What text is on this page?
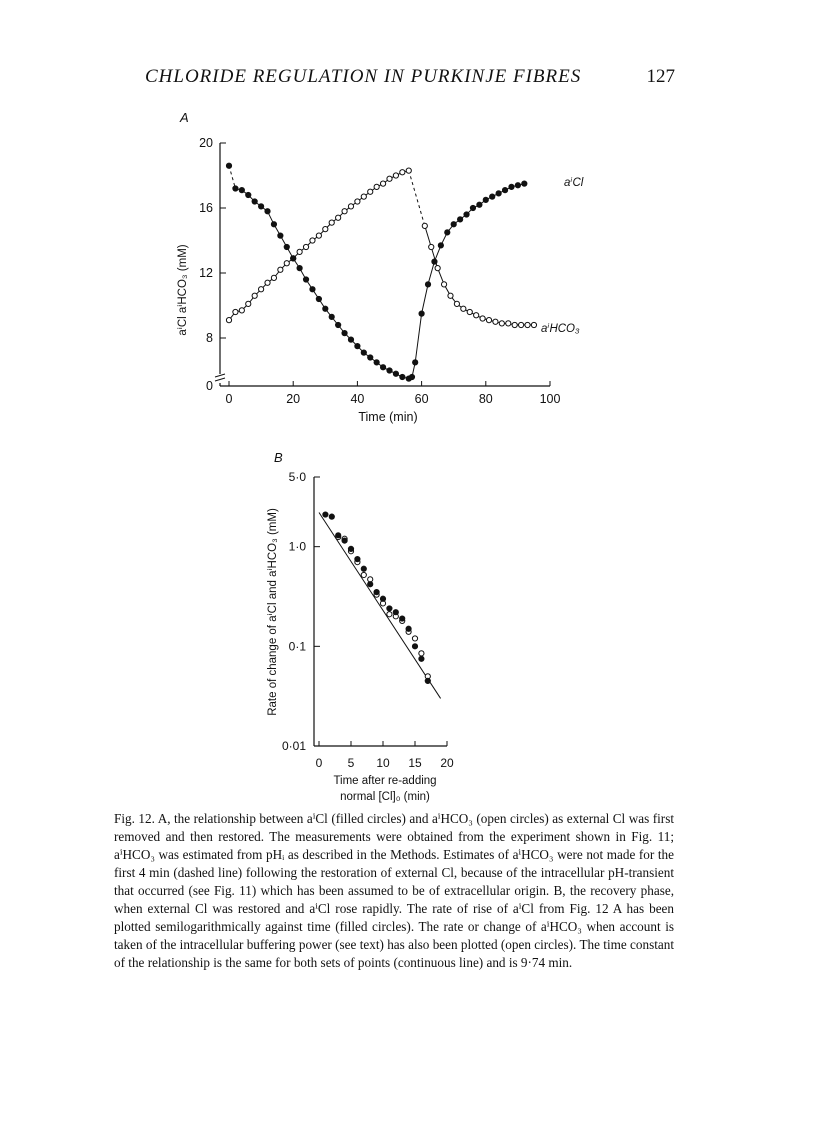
CHLORIDE REGULATION IN PURKINJE FIBRES	127
A
0	20	40	60	80	100
0
8
12
16
20
Time (min)
aⁱCl aⁱHCO₃ (mM)
aⁱCl
aⁱHCO₃
B
0 5 10 15 20
0·01
0·1
1·0
5·0
Time after re-adding
normal [Cl]₀ (min)
Rate of change of aⁱCl and aⁱHCO₃ (mM)
Fig. 12. A, the relationship between aⁱCl (filled circles) and aⁱHCO₃ (open circles) as external Cl was first removed and then restored. The measurements were obtained from the experiment shown in Fig. 11; aⁱHCO₃ was estimated from pHᵢ as described in the Methods. Estimates of aⁱHCO₃ were not made for the first 4 min (dashed line) following the restoration of external Cl, because of the intracellular pH-transient that occurred (see Fig. 11) which has been assumed to be of extracellular origin. B, the recovery phase, when external Cl was restored and aⁱCl rose rapidly. The rate of rise of aⁱCl from Fig. 12 A has been plotted semilogarithmically against time (filled circles). The rate or change of aⁱHCO₃ when account is taken of the intracellular buffering power (see text) has also been plotted (open circles). The time constant of the relationship is the same for both sets of points (continuous line) and is 9·74 min.
